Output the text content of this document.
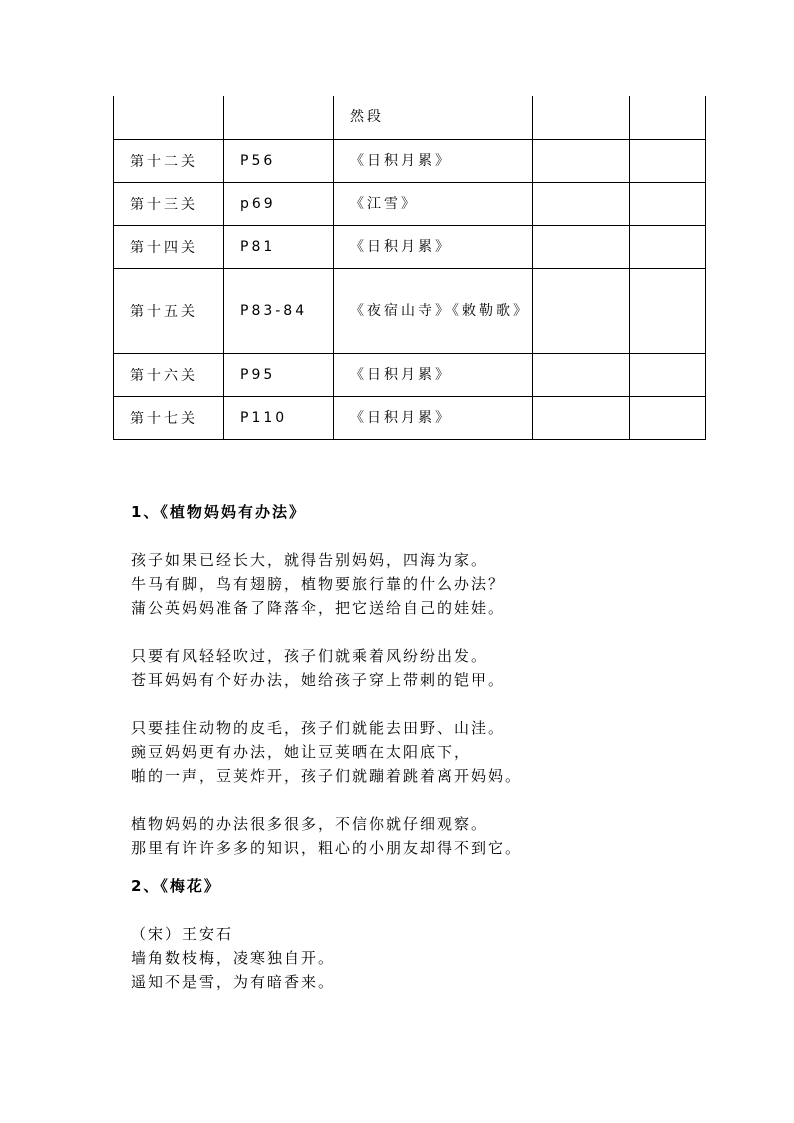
		然段		
第十二关	P56	《日积月累》		
第十三关	p69	《江雪》		
第十四关	P81	《日积月累》		
第十五关	P83-84	《夜宿山寺》《敕勒歌》		
第十六关	P95	《日积月累》		
第十七关	P110	《日积月累》		
1、《植物妈妈有办法》

孩子如果已经长大，就得告别妈妈，四海为家。

牛马有脚，鸟有翅膀，植物要旅行靠的什么办法？

蒲公英妈妈准备了降落伞，把它送给自己的娃娃。

只要有风轻轻吹过，孩子们就乘着风纷纷出发。

苍耳妈妈有个好办法，她给孩子穿上带刺的铠甲。

只要挂住动物的皮毛，孩子们就能去田野、山洼。

豌豆妈妈更有办法，她让豆荚晒在太阳底下，

啪的一声，豆荚炸开，孩子们就蹦着跳着离开妈妈。

植物妈妈的办法很多很多，不信你就仔细观察。

那里有许许多多的知识，粗心的小朋友却得不到它。

2、《梅花》

（宋）王安石

墙角数枝梅，凌寒独自开。

遥知不是雪，为有暗香来。
